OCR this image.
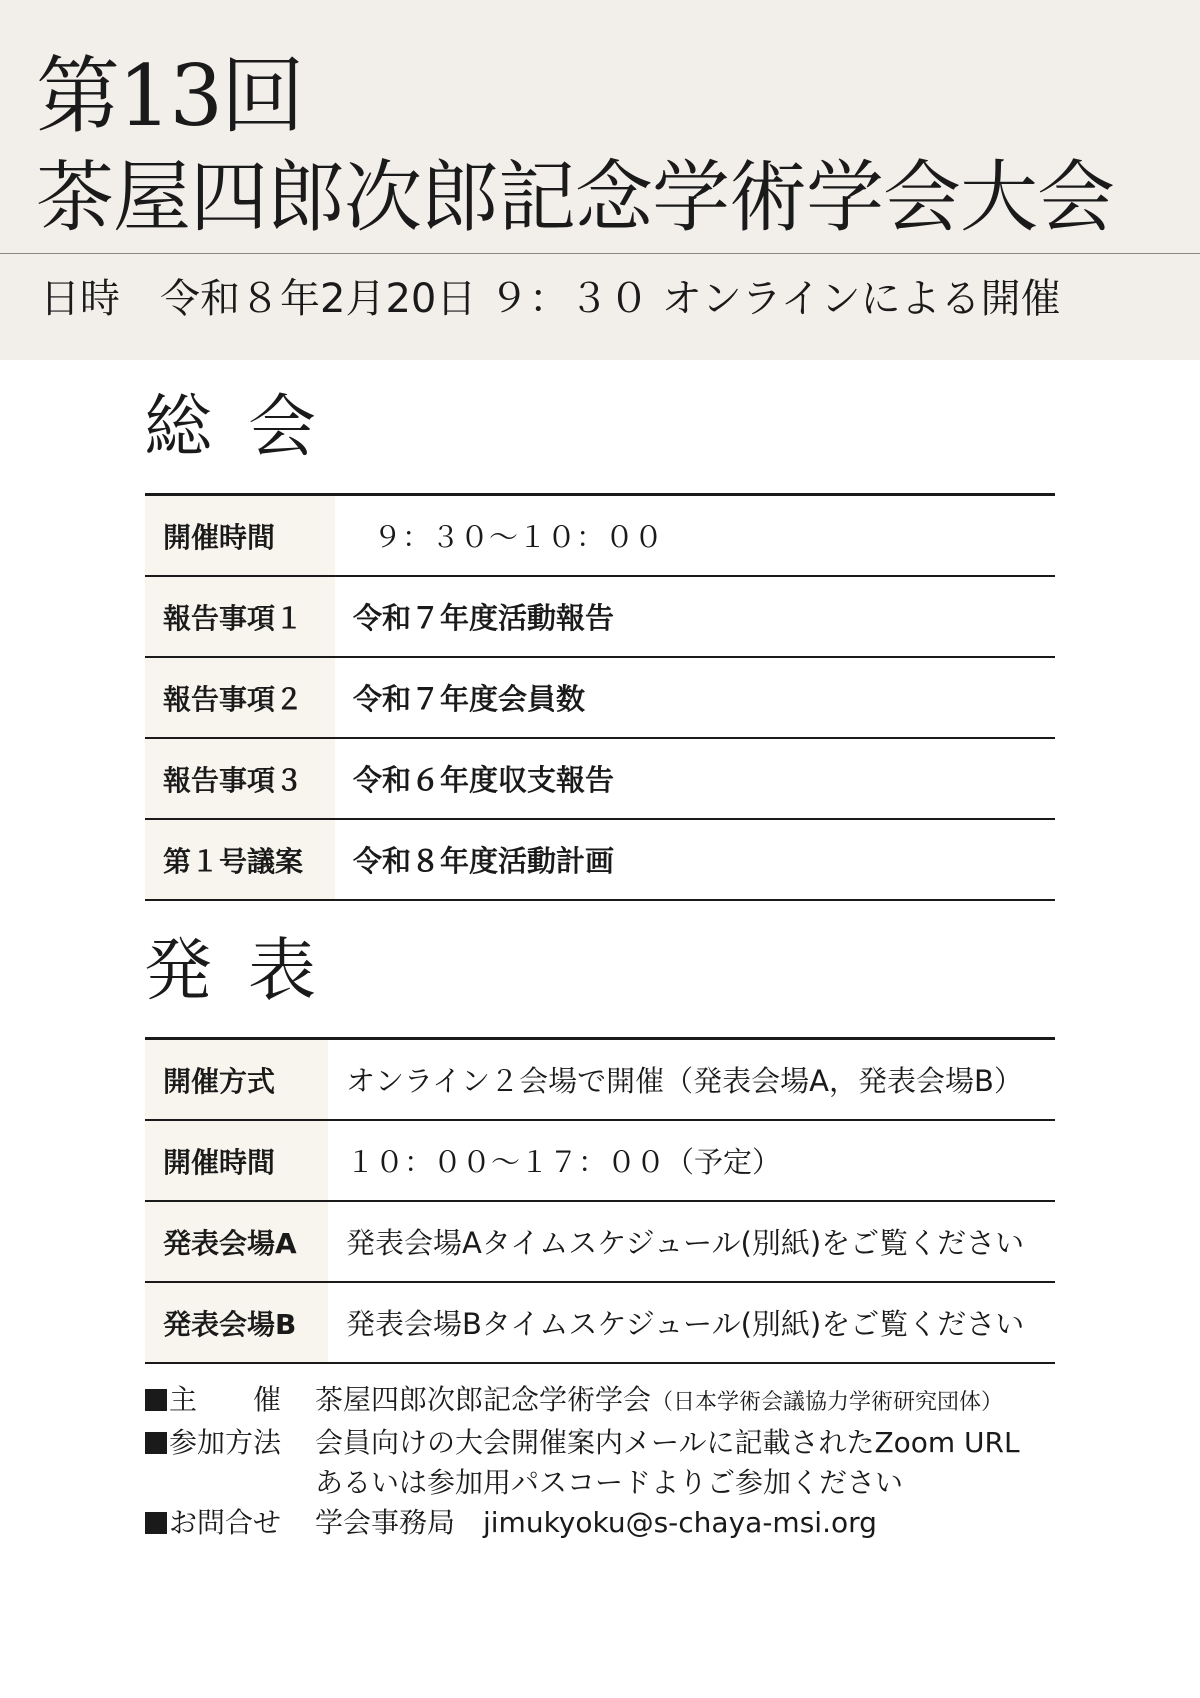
第13回
茶屋四郎次郎記念学術学会大会
日時　令和８年2月20日 ９：３０ オンラインによる開催
総会
開催時間	９：３０〜１０：００
報告事項１	令和７年度活動報告
報告事項２	令和７年度会員数
報告事項３	令和６年度収支報告
第１号議案	令和８年度活動計画
発表
開催方式	オンライン２会場で開催（発表会場A，発表会場B）
開催時間	１０：００〜１７：００（予定）
発表会場A	発表会場Aタイムスケジュール(別紙)をご覧ください
発表会場B	発表会場Bタイムスケジュール(別紙)をご覧ください
主　　催	茶屋四郎次郎記念学術学会（日本学術会議協力学術研究団体）
参加方法	会員向けの大会開催案内メールに記載されたZoom URL
あるいは参加用パスコードよりご参加ください
お問合せ	学会事務局　jimukyoku@s-chaya-msi.org
